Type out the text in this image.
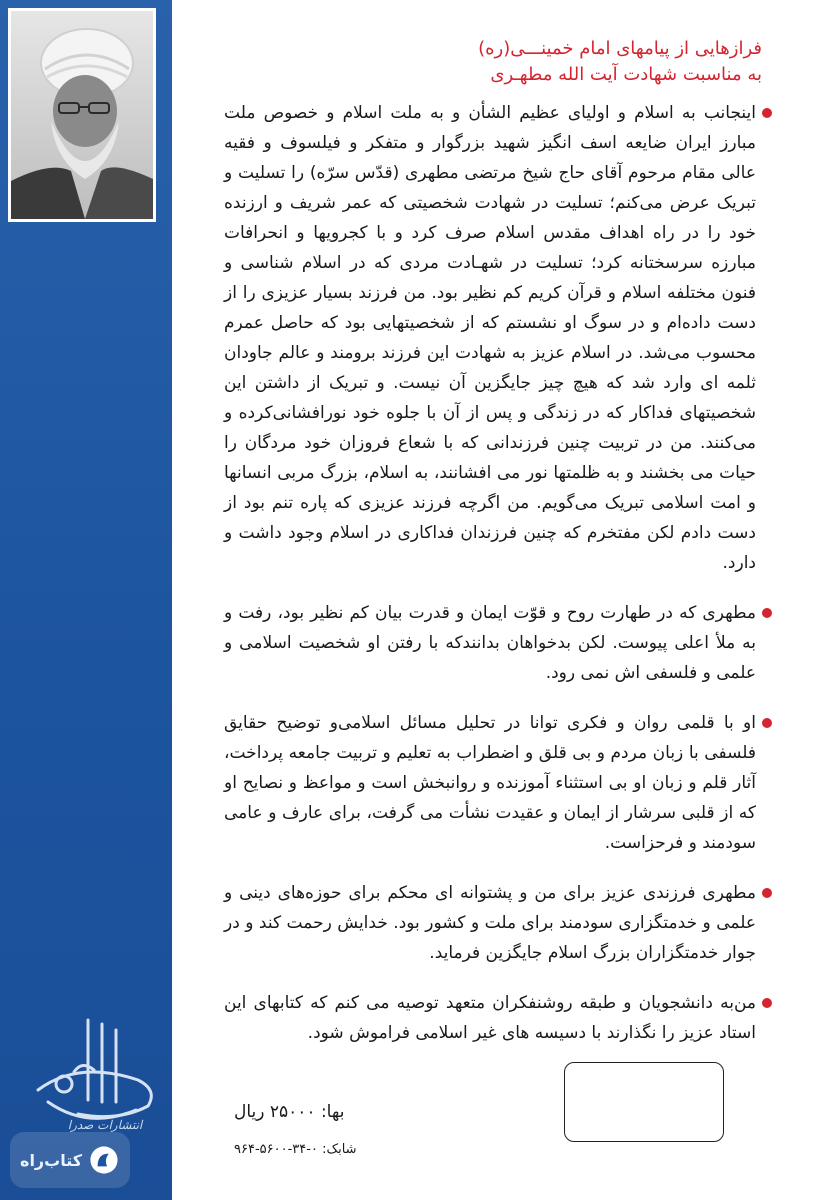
انتشارات صدرا
کتاب‌راه
فرازهایی از پیامهای امام خمینـــی(ره)
به مناسبت شهادت آیت الله مطهـری

اینجانب به اسلام و اولیای عظیم الشأن و به ملت اسلام و خصوص ملت مبارز ایران ضایعه اسف انگیز شهید بزرگوار و متفکر و فیلسوف و فقیه عالی مقام مرحوم آقای حاج شیخ مرتضی مطهری (قدّس سرّه) را تسلیت و تبریک عرض می‌کنم؛ تسلیت در شهادت شخصیتی که عمر شریف و ارزنده خود را در راه اهداف مقدس اسلام صرف کرد و با کجرویها و انحرافات مبارزه سرسختانه کرد؛ تسلیت در شهـادت مردی که در اسلام شناسی و فنون مختلفه اسلام و قرآن کریم کم نظیر بود. من فرزند بسیار عزیزی را از دست داده‌ام و در سوگ او نشستم که از شخصیتهایی بود که حاصل عمرم محسوب می‌شد. در اسلام عزیز به شهادت این فرزند برومند و عالم جاودان ثلمه ای وارد شد که هیچ چیز جایگزین آن نیست. و تبریک از داشتن این شخصیتهای فداکار که در زندگی و پس از آن با جلوه خود نورافشانی‌کرده و می‌کنند. من در تربیت چنین فرزندانی که با شعاع فروزان خود مردگان را حیات می بخشند و به ظلمتها نور می افشانند، به اسلام، بزرگ مربی انسانها و امت اسلامی تبریک می‌گویم. من اگرچه فرزند عزیزی که پاره تنم بود از دست دادم لکن مفتخرم که چنین فرزندان فداکاری در اسلام وجود داشت و دارد.

مطهری که در طهارت روح و قوّت ایمان و قدرت بیان کم نظیر بود، رفت و به ملأ اعلی پیوست. لکن بدخواهان بدانندکه با رفتن او شخصیت اسلامی و علمی و فلسفی اش نمی رود.

او با قلمی روان و فکری توانا در تحلیل مسائل اسلامی‌و توضیح حقایق فلسفی با زبان مردم و بی قلق و اضطراب به تعلیم و تربیت جامعه پرداخت، آثار قلم و زبان او بی استثناء آموزنده و روانبخش است و مواعظ و نصایح او که از قلبی سرشار از ایمان و عقیدت نشأت می گرفت، برای عارف و عامی سودمند و فرحزاست.

مطهری فرزندی عزیز برای من و پشتوانه ای محکم برای حوزه‌های دینی و علمی و خدمتگزاری سودمند برای ملت و کشور بود. خدایش رحمت کند و در جوار خدمتگزاران بزرگ اسلام جایگزین فرماید.

من‌به دانشجویان و طبقه روشنفکران متعهد توصیه می کنم که کتابهای این استاد عزیز را نگذارند با دسیسه های غیر اسلامی فراموش شود.

بها: ۲۵۰۰۰ ریال
شابک: ۰-۳۴-۵۶۰۰-۹۶۴
